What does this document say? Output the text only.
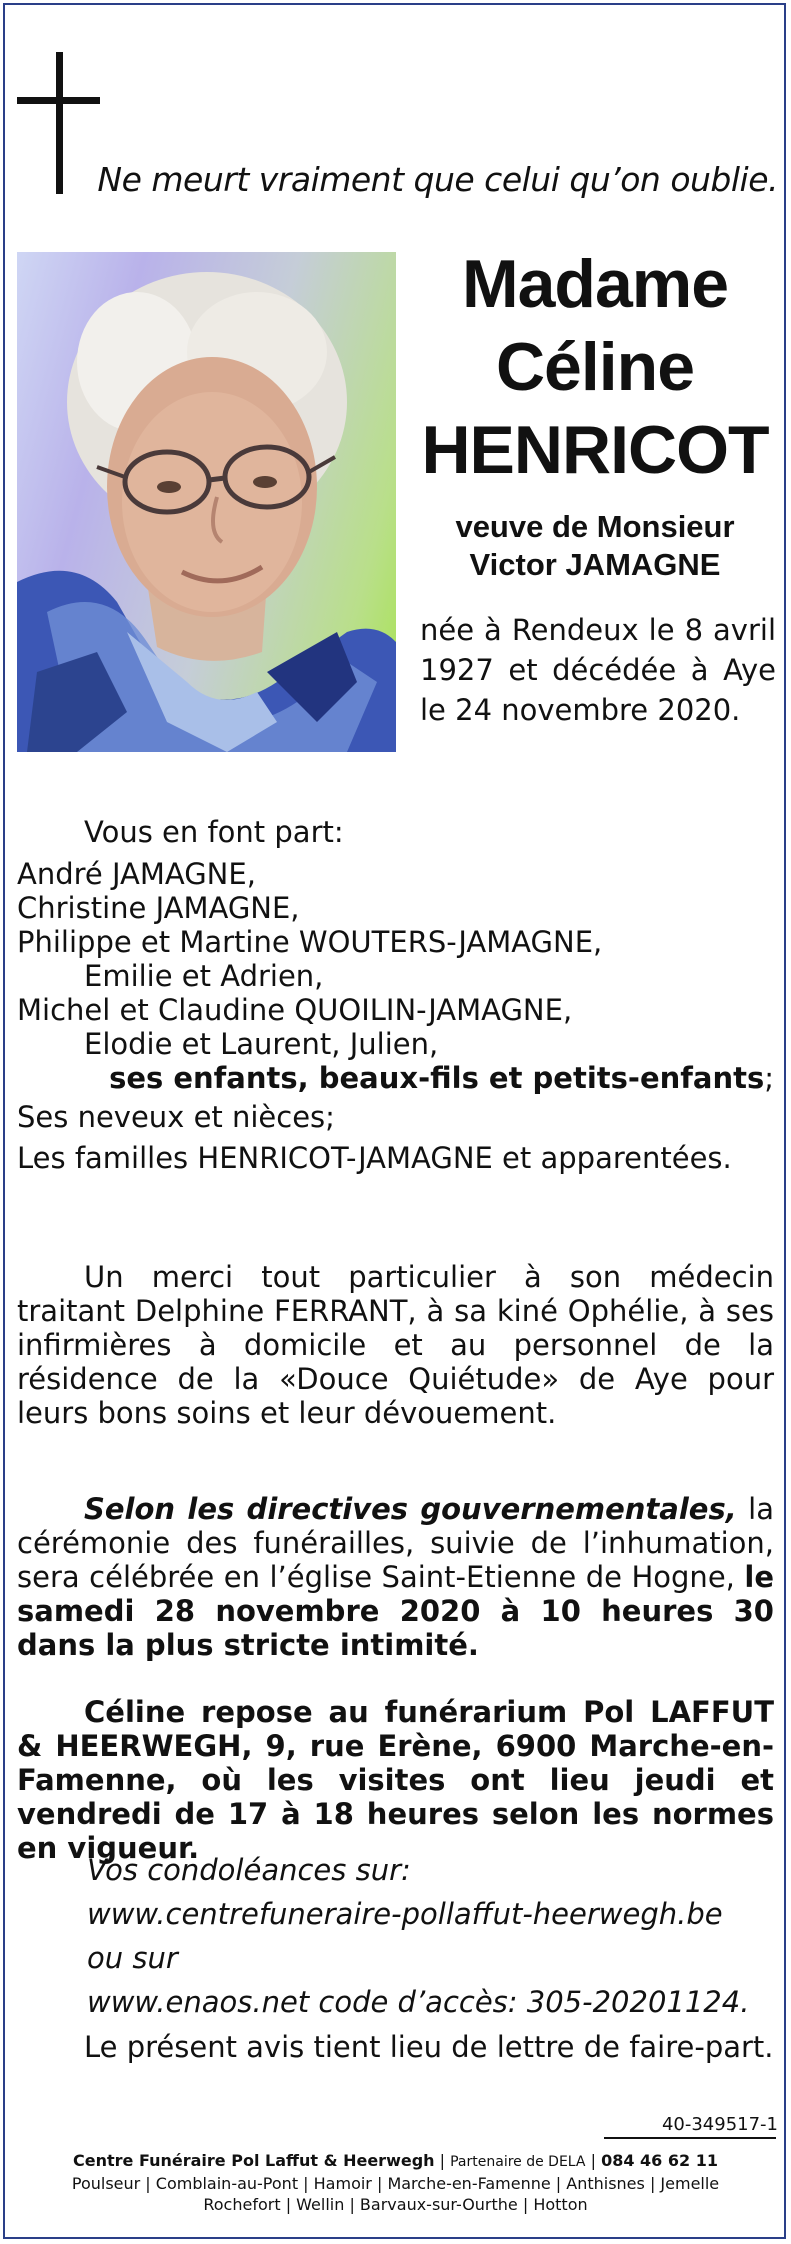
Ne meurt vraiment que celui qu’on oublie.
Madame
Céline
HENRICOT
veuve de Monsieur
Victor JAMAGNE
née à Rendeux le 8 avril 1927 et décédée à Aye le 24 novembre 2020.
Vous en font part:
André JAMAGNE,
Christine JAMAGNE,
Philippe et Martine WOUTERS-JAMAGNE,
Emilie et Adrien,
Michel et Claudine QUOILIN-JAMAGNE,
Elodie et Laurent, Julien,
ses enfants, beaux-fils et petits-enfants;
Ses neveux et nièces;
Les familles HENRICOT-JAMAGNE et apparentées.
Un merci tout particulier à son médecin traitant Delphine FERRANT, à sa kiné Ophélie, à ses infirmières à domicile et au personnel de la résidence de la «Douce Quiétude» de Aye pour leurs bons soins et leur dévouement.
Selon les directives gouvernementales, la cérémonie des funérailles, suivie de l’inhumation, sera célébrée en l’église Saint-Etienne de Hogne, le samedi 28 novembre 2020 à 10 heures 30 dans la plus stricte intimité.
Céline repose au funérarium Pol LAFFUT & HEERWEGH, 9, rue Erène, 6900 Marche-en-Famenne, où les visites ont lieu jeudi et vendredi de 17 à 18 heures selon les normes en vigueur.
Vos condoléances sur:
www.centrefuneraire-pollaffut-heerwegh.be
ou sur
www.enaos.net code d’accès: 305-20201124.
Le présent avis tient lieu de lettre de faire-part.
40-349517-1
Centre Funéraire Pol Laffut & Heerwegh | Partenaire de DELA | 084 46 62 11
Poulseur | Comblain-au-Pont | Hamoir | Marche-en-Famenne | Anthisnes | Jemelle
Rochefort | Wellin | Barvaux-sur-Ourthe | Hotton
